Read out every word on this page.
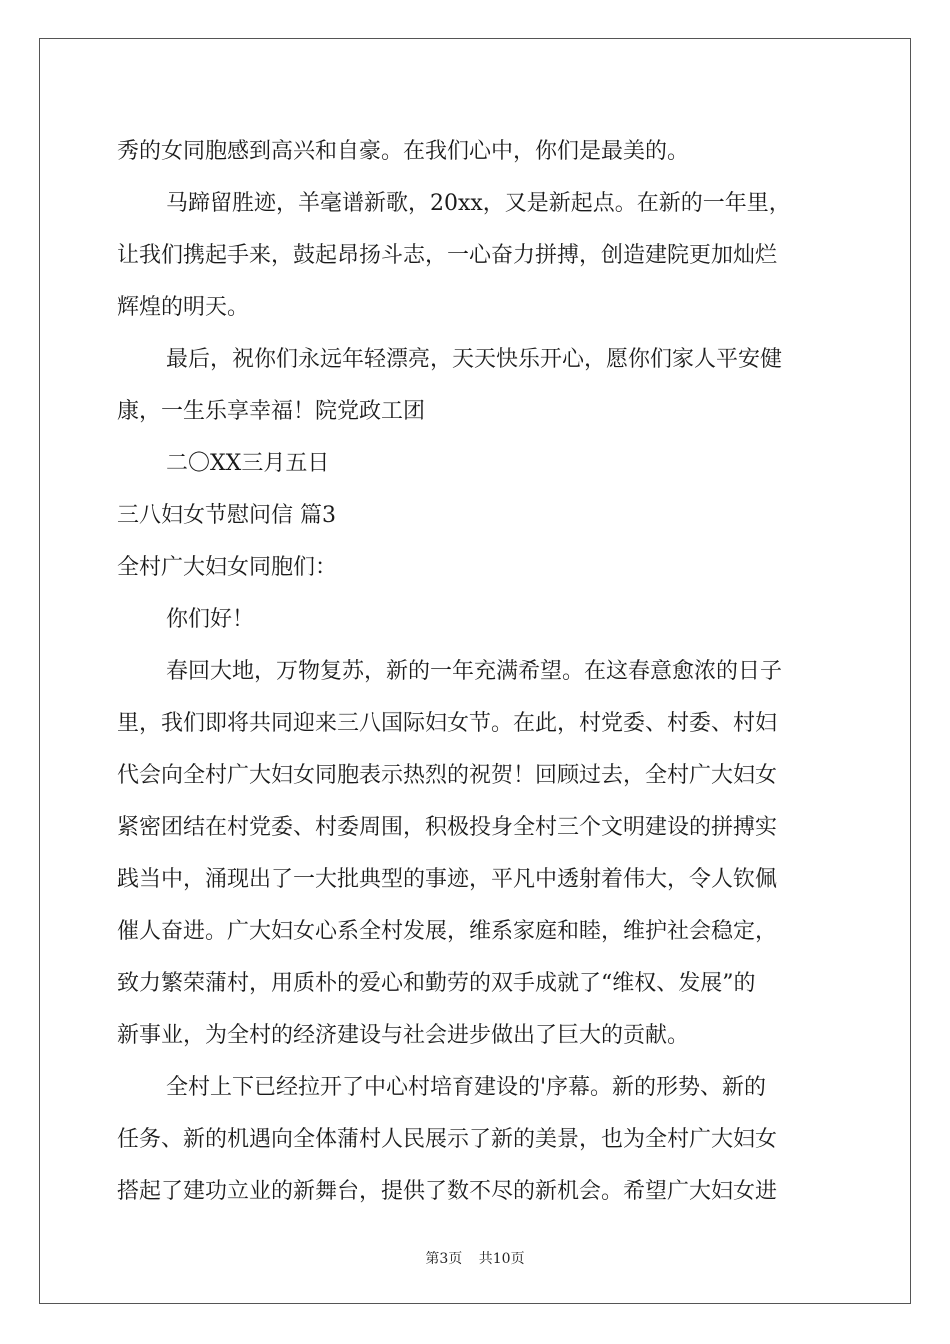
秀的女同胞感到高兴和自豪。在我们心中，你们是最美的。
马蹄留胜迹，羊毫谱新歌，20xx，又是新起点。在新的一年里，
让我们携起手来，鼓起昂扬斗志，一心奋力拼搏，创造建院更加灿烂
辉煌的明天。
最后，祝你们永远年轻漂亮，天天快乐开心，愿你们家人平安健
康，一生乐享幸福！院党政工团
二〇XX三月五日
三八妇女节慰问信 篇3
全村广大妇女同胞们：
你们好！
春回大地，万物复苏，新的一年充满希望。在这春意愈浓的日子
里，我们即将共同迎来三八国际妇女节。在此，村党委、村委、村妇
代会向全村广大妇女同胞表示热烈的祝贺！回顾过去，全村广大妇女
紧密团结在村党委、村委周围，积极投身全村三个文明建设的拼搏实
践当中，涌现出了一大批典型的事迹，平凡中透射着伟大，令人钦佩
催人奋进。广大妇女心系全村发展，维系家庭和睦，维护社会稳定，
致力繁荣蒲村，用质朴的爱心和勤劳的双手成就了“维权、发展”的
新事业，为全村的经济建设与社会进步做出了巨大的贡献。
全村上下已经拉开了中心村培育建设的'序幕。新的形势、新的
任务、新的机遇向全体蒲村人民展示了新的美景，也为全村广大妇女
搭起了建功立业的新舞台，提供了数不尽的新机会。希望广大妇女进
第3页 共10页
